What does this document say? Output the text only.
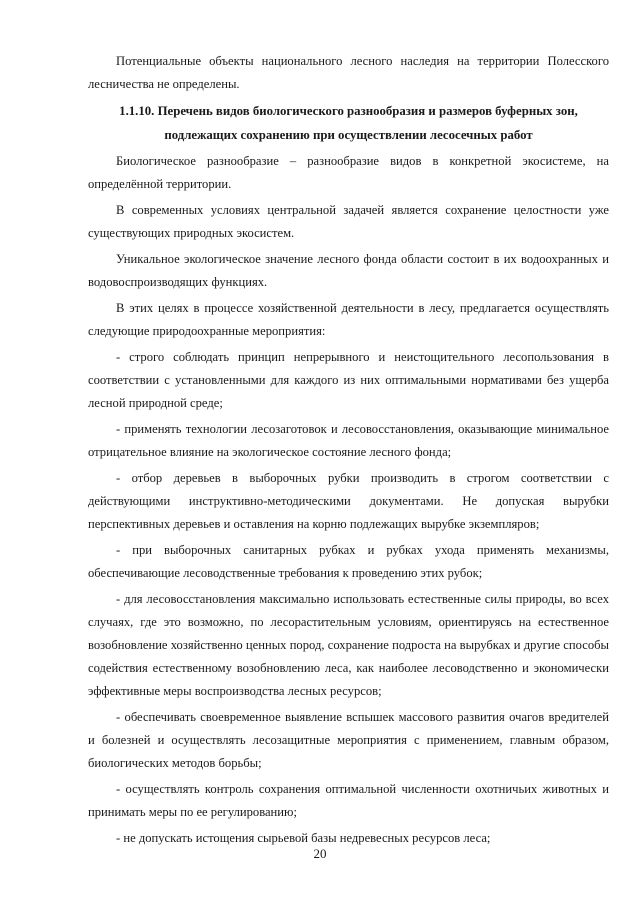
Потенциальные объекты национального лесного наследия на территории Полесского лесничества не определены.

1.1.10. Перечень видов биологического разнообразия и размеров буферных зон,
подлежащих сохранению при осуществлении лесосечных работ

Биологическое разнообразие – разнообразие видов в конкретной экосистеме, на определённой территории.

В современных условиях центральной задачей является сохранение целостности уже существующих природных экосистем.

Уникальное экологическое значение лесного фонда области состоит в их водоохранных и водовоспроизводящих функциях.

В этих целях в процессе хозяйственной деятельности в лесу, предлагается осуществлять следующие природоохранные мероприятия:

- строго соблюдать принцип непрерывного и неистощительного лесопользования в соответствии с установленными для каждого из них оптимальными нормативами без ущерба лесной природной среде;

- применять технологии лесозаготовок и лесовосстановления, оказывающие минимальное отрицательное влияние на экологическое состояние лесного фонда;

- отбор деревьев в выборочных рубки производить в строгом соответствии с действующими инструктивно-методическими документами. Не допуская вырубки перспективных деревьев и оставления на корню подлежащих вырубке экземпляров;

- при выборочных санитарных рубках и рубках ухода применять механизмы, обеспечивающие лесоводственные требования к проведению этих рубок;

- для лесовосстановления максимально использовать естественные силы природы, во всех случаях, где это возможно, по лесорастительным условиям, ориентируясь на естественное возобновление хозяйственно ценных пород, сохранение подроста на вырубках и другие способы содействия естественному возобновлению леса, как наиболее лесоводственно и экономически эффективные меры воспроизводства лесных ресурсов;

- обеспечивать своевременное выявление вспышек массового развития очагов вредителей и болезней и осуществлять лесозащитные мероприятия с применением, главным образом, биологических методов борьбы;

- осуществлять контроль сохранения оптимальной численности охотничьих животных и принимать меры по ее регулированию;

- не допускать истощения сырьевой базы недревесных ресурсов леса;

20
